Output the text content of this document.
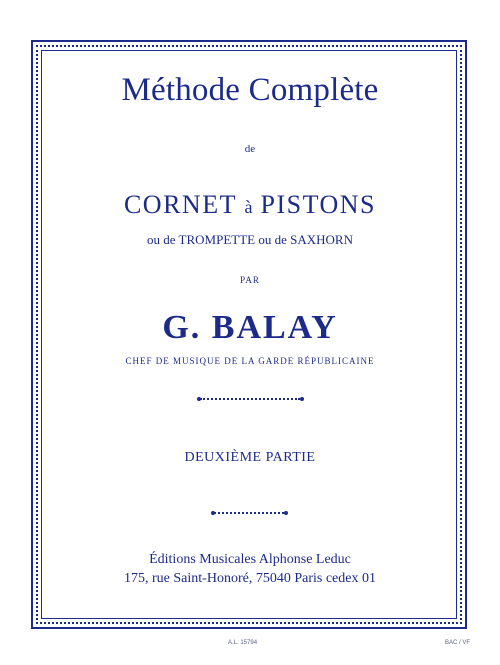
Méthode Complète

de

CORNET à PISTONS

ou de TROMPETTE ou de SAXHORN

PAR

G. BALAY

CHEF DE MUSIQUE DE LA GARDE RÉPUBLICAINE

DEUXIÈME PARTIE

Éditions Musicales Alphonse Leduc

175, rue Saint-Honoré, 75040 Paris cedex 01

A.L. 15794	BAC / VF
